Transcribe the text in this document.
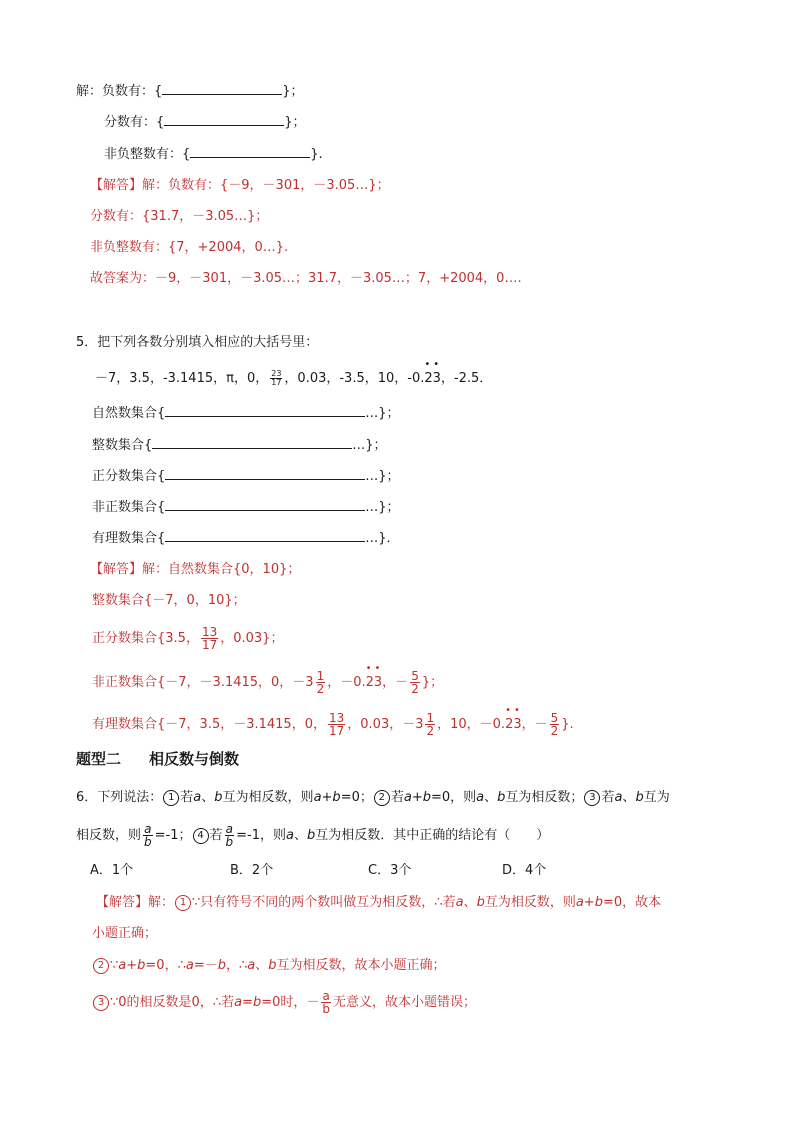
解：负数有：{	}；
分数有：{	}；
非负整数有：{	}.
【解答】解：负数有：{－9，－301，－3.05…}；
分数有：{31.7，－3.05…}；
非负整数有：{7，+2004，0…}.
故答案为：－9，－301，－3.05…；31.7，－3.05…；7，+2004，0….
5．把下列各数分别填入相应的大括号里：
－7，3.5，-3.1415，π，0， $\frac{23}{17}$ ，0.03，-3.5，10，-0.
••
23，-2.5．
自然数集合{	…}；
整数集合{	…}；
正分数集合{	…}；
非正数集合{	…}；
有理数集合{	…}．
【解答】解：自然数集合{0，10}；
整数集合{－7，0，10}；
正分数集合{3.5， $\frac{13}{17}$ ，0.03}；
非正数集合{－7，－3.1415，0，$-3 \frac{1}{2}$ ，－0.
••
23，－ $\frac{5}{2}$ }；
有理数集合{－7，3.5，－3.1415，0， $\frac{13}{17}$ ，0.03，$-3 \frac{1}{2}$ ，10，－0.
••
23，－ $\frac{5}{2}$ }.
题型二 相反数与倒数
6．下列说法： 1 若a、b互为相反数，则a+b=0； 2 若a+b=0，则a、b互为相反数； 3 若a、b互为
相反数，则 $\frac{a}{b} =-1$； 4 若 $\frac{a}{b} =-1$，则a、b互为相反数．其中正确的结论有（　　）
A．1个	B．2个	C．3个	D．4个
【解答】解： 1 ∵只有符号不同的两个数叫做互为相反数，∴若a、b互为相反数，则a+b=0，故本
小题正确；
2 ∵a+b=0，∴a=－b，∴a、b互为相反数，故本小题正确；
3 ∵0的相反数是0，∴若a=b=0时，－ $\frac{a}{b}$ 无意义，故本小题错误；
